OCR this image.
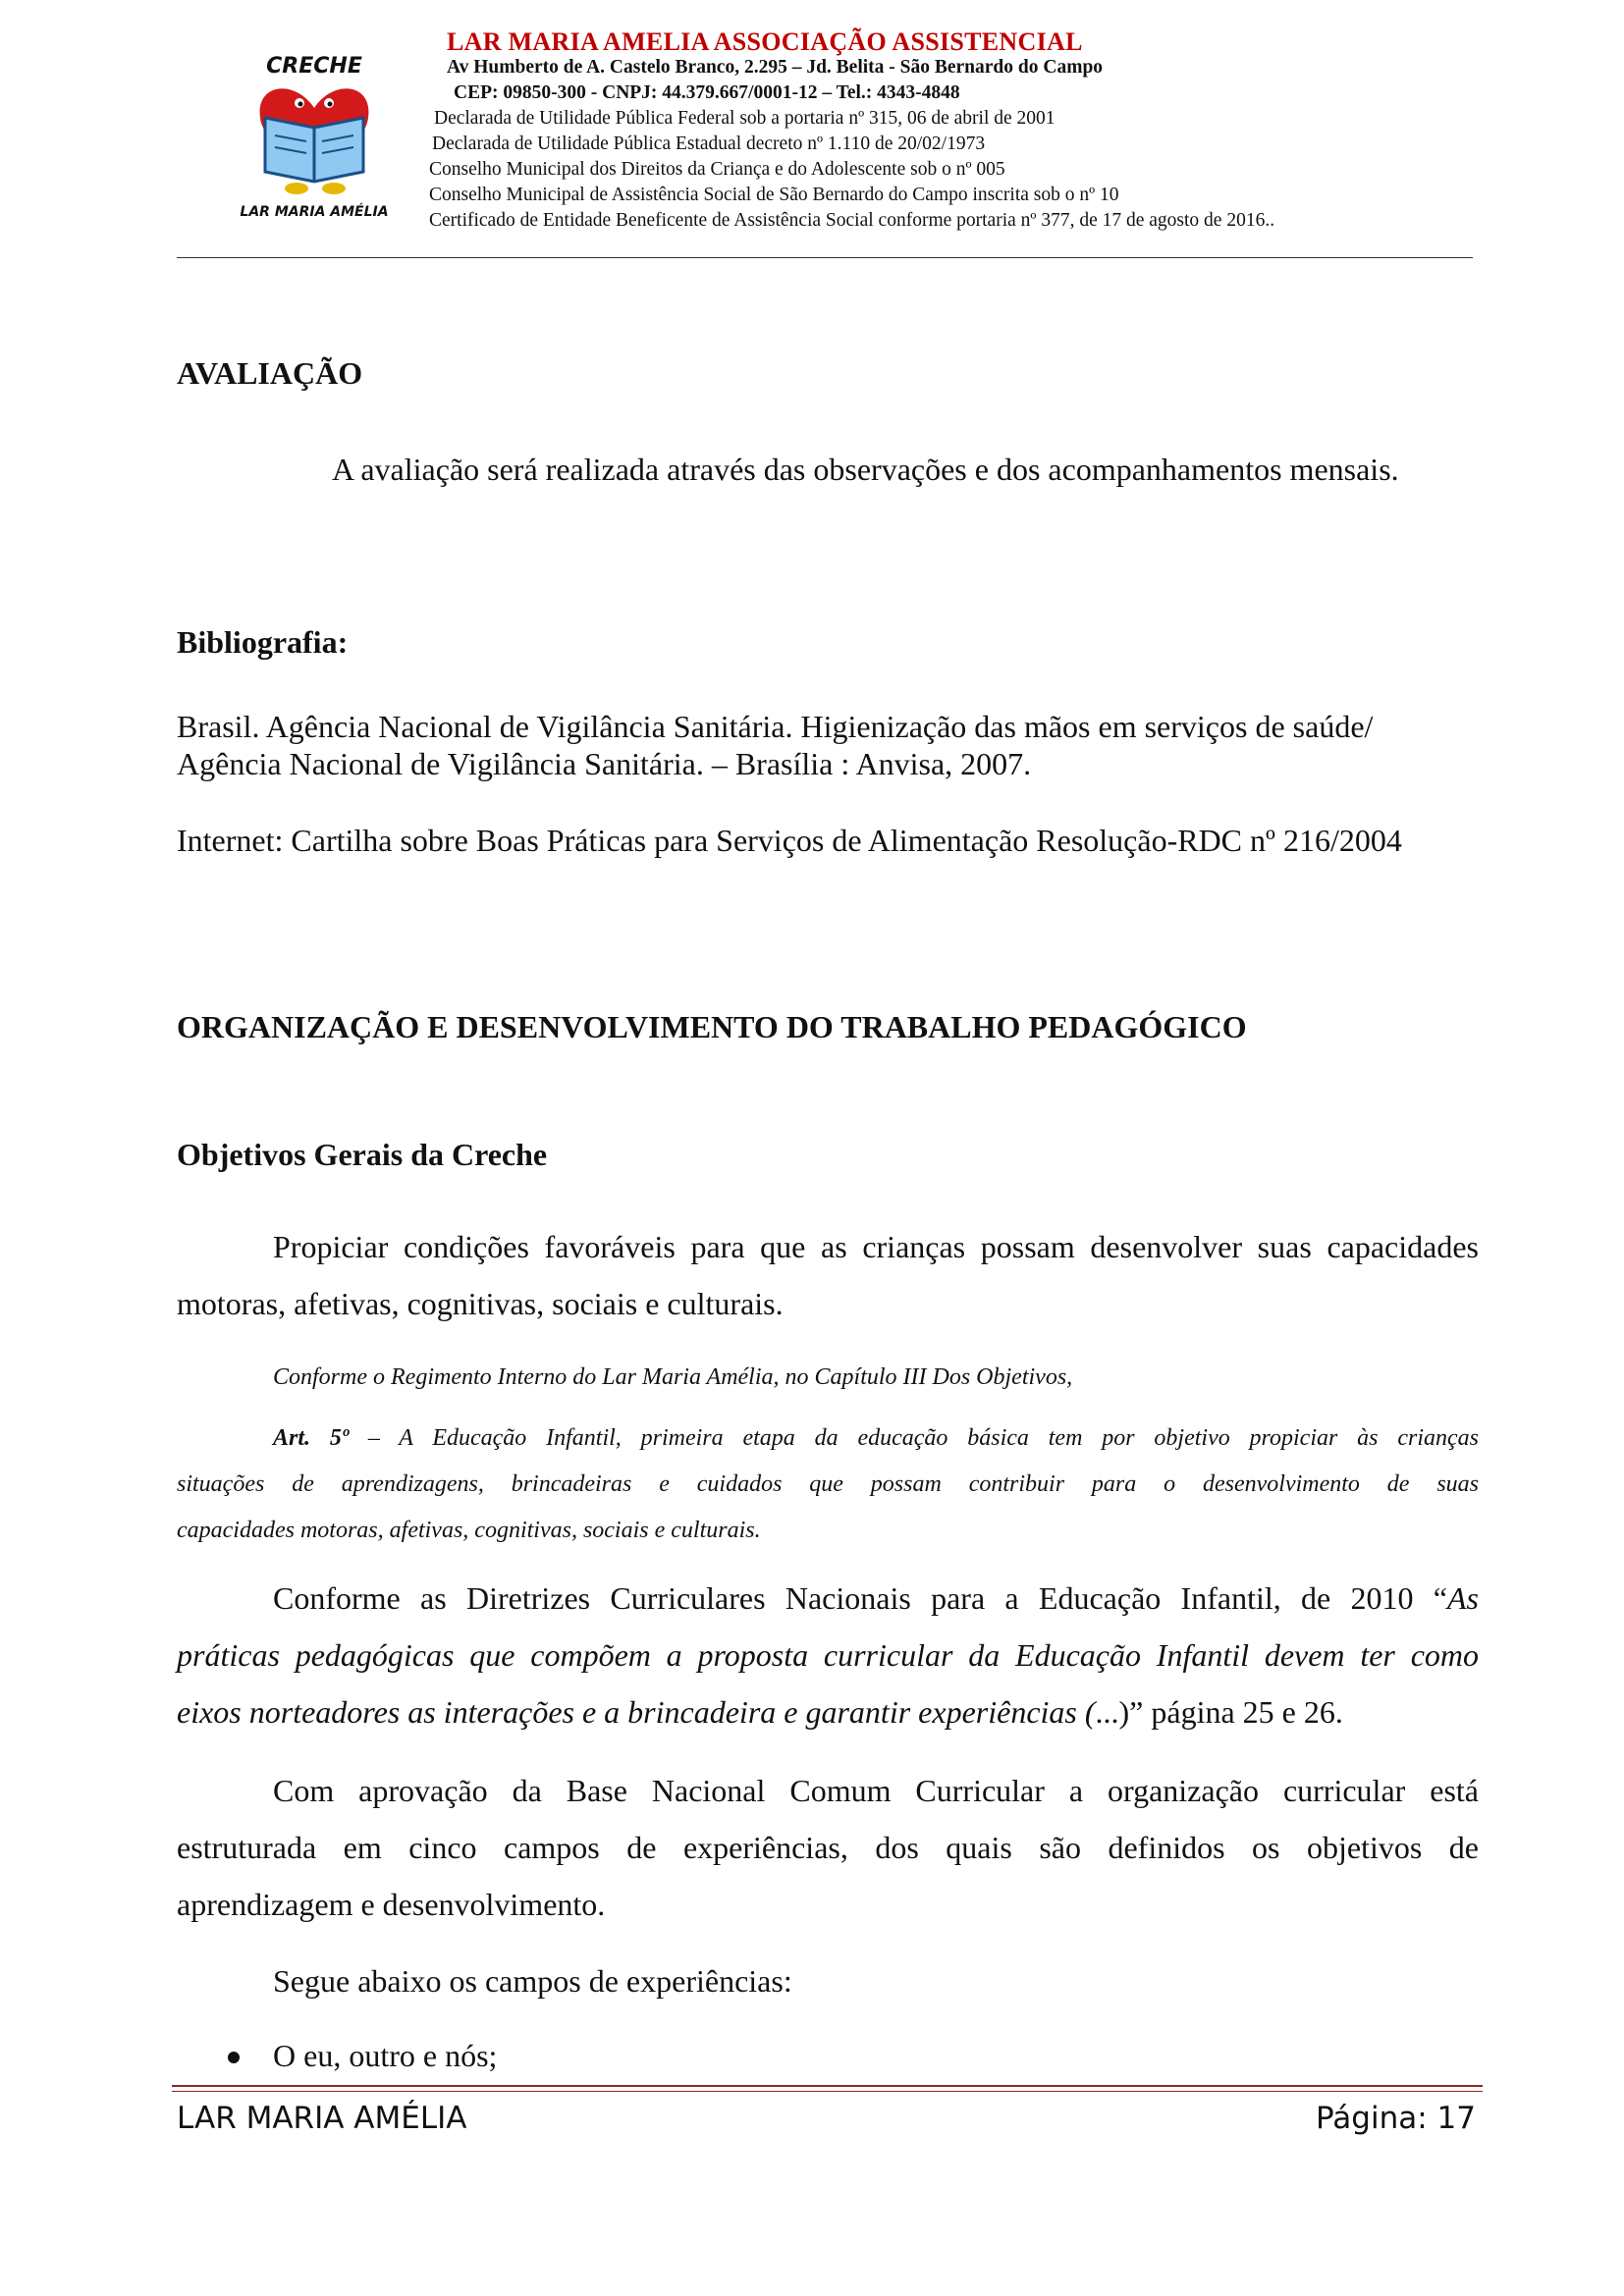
CRECHE
LAR MARIA AMÉLIA
LAR MARIA AMELIA ASSOCIAÇÃO ASSISTENCIAL
Av Humberto de A. Castelo Branco, 2.295 – Jd. Belita - São Bernardo do Campo
CEP: 09850-300 - CNPJ: 44.379.667/0001-12 – Tel.: 4343-4848
Declarada de Utilidade Pública Federal sob a portaria nº 315, 06 de abril de 2001
Declarada de Utilidade Pública Estadual decreto nº 1.110 de 20/02/1973
Conselho Municipal dos Direitos da Criança e do Adolescente sob o nº 005
Conselho Municipal de Assistência Social de São Bernardo do Campo inscrita sob o nº 10
Certificado de Entidade Beneficente de Assistência Social conforme portaria nº 377, de 17 de agosto de 2016..
AVALIAÇÃO
A avaliação será realizada através das observações e dos acompanhamentos mensais.
Bibliografia:
Brasil. Agência Nacional de Vigilância Sanitária. Higienização das mãos em serviços de saúde/
Agência Nacional de Vigilância Sanitária. – Brasília : Anvisa, 2007.
Internet: Cartilha sobre Boas Práticas para Serviços de Alimentação Resolução-RDC nº 216/2004
ORGANIZAÇÃO E DESENVOLVIMENTO DO TRABALHO PEDAGÓGICO
Objetivos Gerais da Creche
Propiciar condições favoráveis para que as crianças possam desenvolver suas capacidades
motoras, afetivas, cognitivas, sociais e culturais.
Conforme o Regimento Interno do Lar Maria Amélia, no Capítulo III Dos Objetivos,
Art. 5º – A Educação Infantil, primeira etapa da educação básica tem por objetivo propiciar às crianças
situações de aprendizagens, brincadeiras e cuidados que possam contribuir para o desenvolvimento de suas
capacidades motoras, afetivas, cognitivas, sociais e culturais.
Conforme as Diretrizes Curriculares Nacionais para a Educação Infantil, de 2010 “As
práticas pedagógicas que compõem a proposta curricular da Educação Infantil devem ter como
eixos norteadores as interações e a brincadeira e garantir experiências (...)” página 25 e 26.
Com aprovação da Base Nacional Comum Curricular a organização curricular está
estruturada em cinco campos de experiências, dos quais são definidos os objetivos de
aprendizagem e desenvolvimento.
Segue abaixo os campos de experiências:
O eu, outro e nós;
LAR MARIA AMÉLIA	Página: 17
